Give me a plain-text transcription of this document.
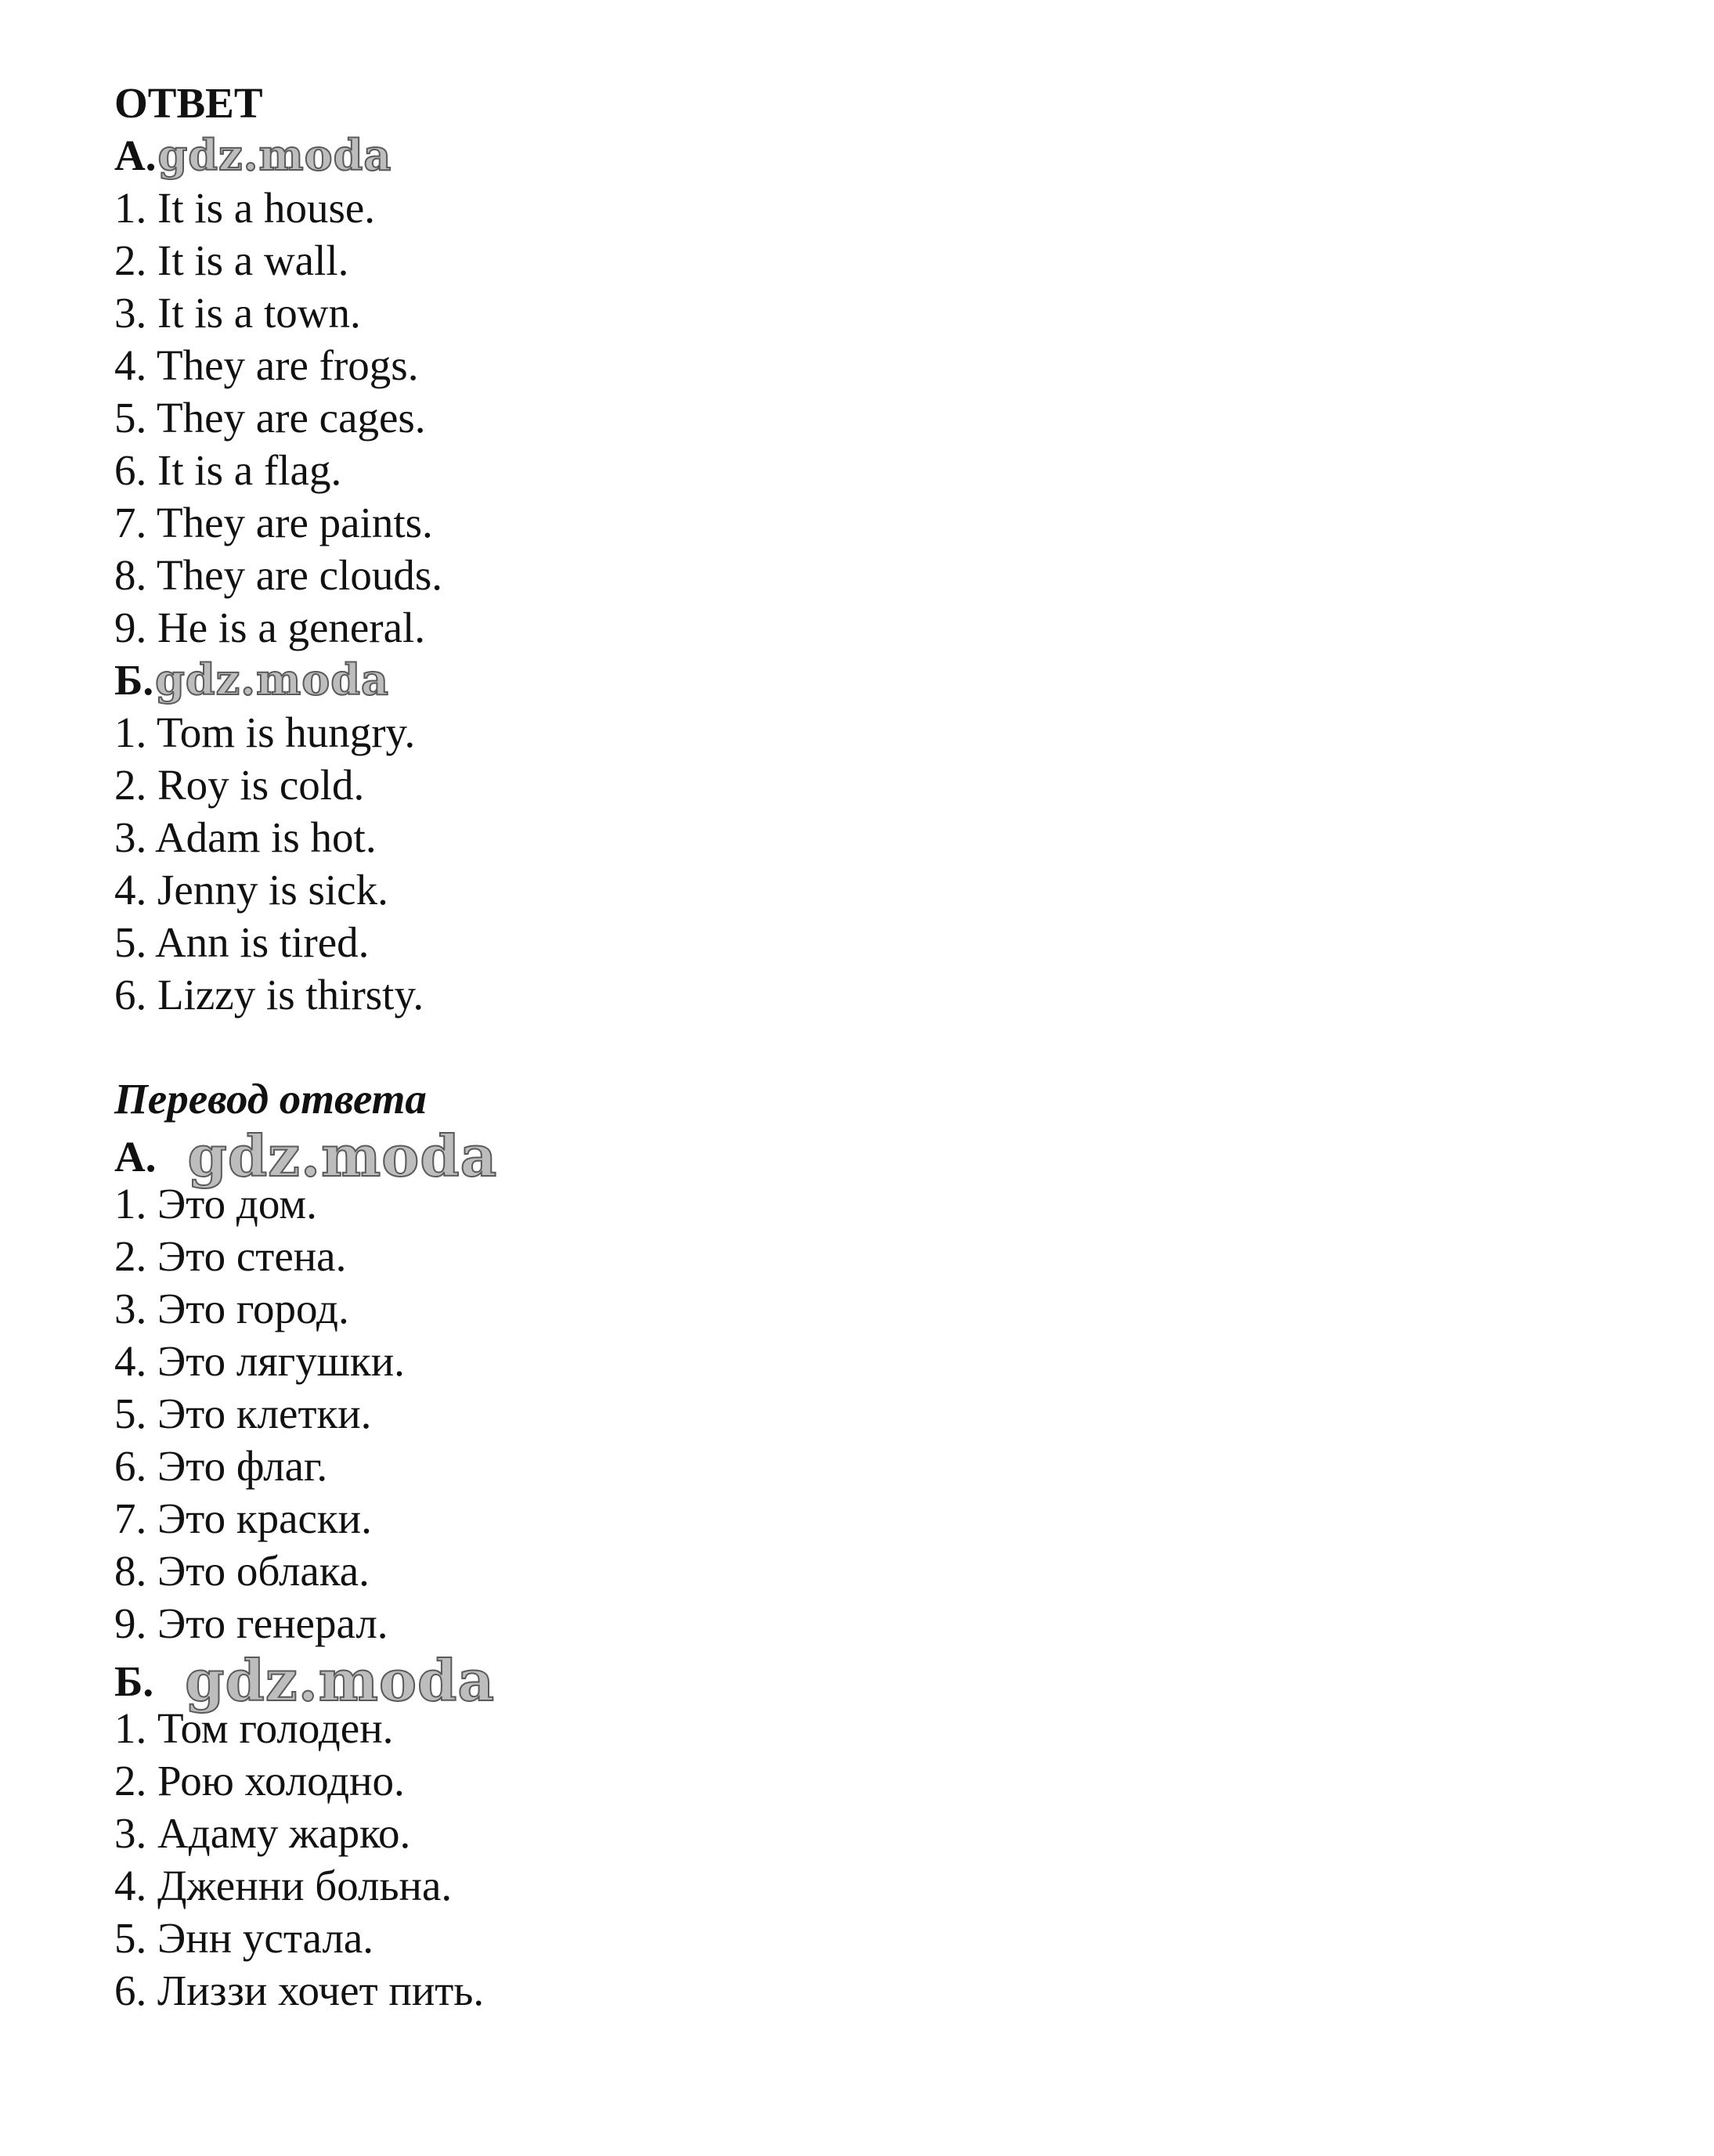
ОТВЕТ
А.gdz.moda
1. It is a house.
2. It is a wall.
3. It is a town.
4. They are frogs.
5. They are cages.
6. It is a flag.
7. They are paints.
8. They are clouds.
9. He is a general.
Б.gdz.moda
1. Tom is hungry.
2. Roy is cold.
3. Adam is hot.
4. Jenny is sick.
5. Ann is tired.
6. Lizzy is thirsty.
Перевод ответа
А. gdz.moda
1. Это дом.
2. Это стена.
3. Это город.
4. Это лягушки.
5. Это клетки.
6. Это флаг.
7. Это краски.
8. Это облака.
9. Это генерал.
Б. gdz.moda
1. Том голоден.
2. Рою холодно.
3. Адаму жарко.
4. Дженни больна.
5. Энн устала.
6. Лиззи хочет пить.
